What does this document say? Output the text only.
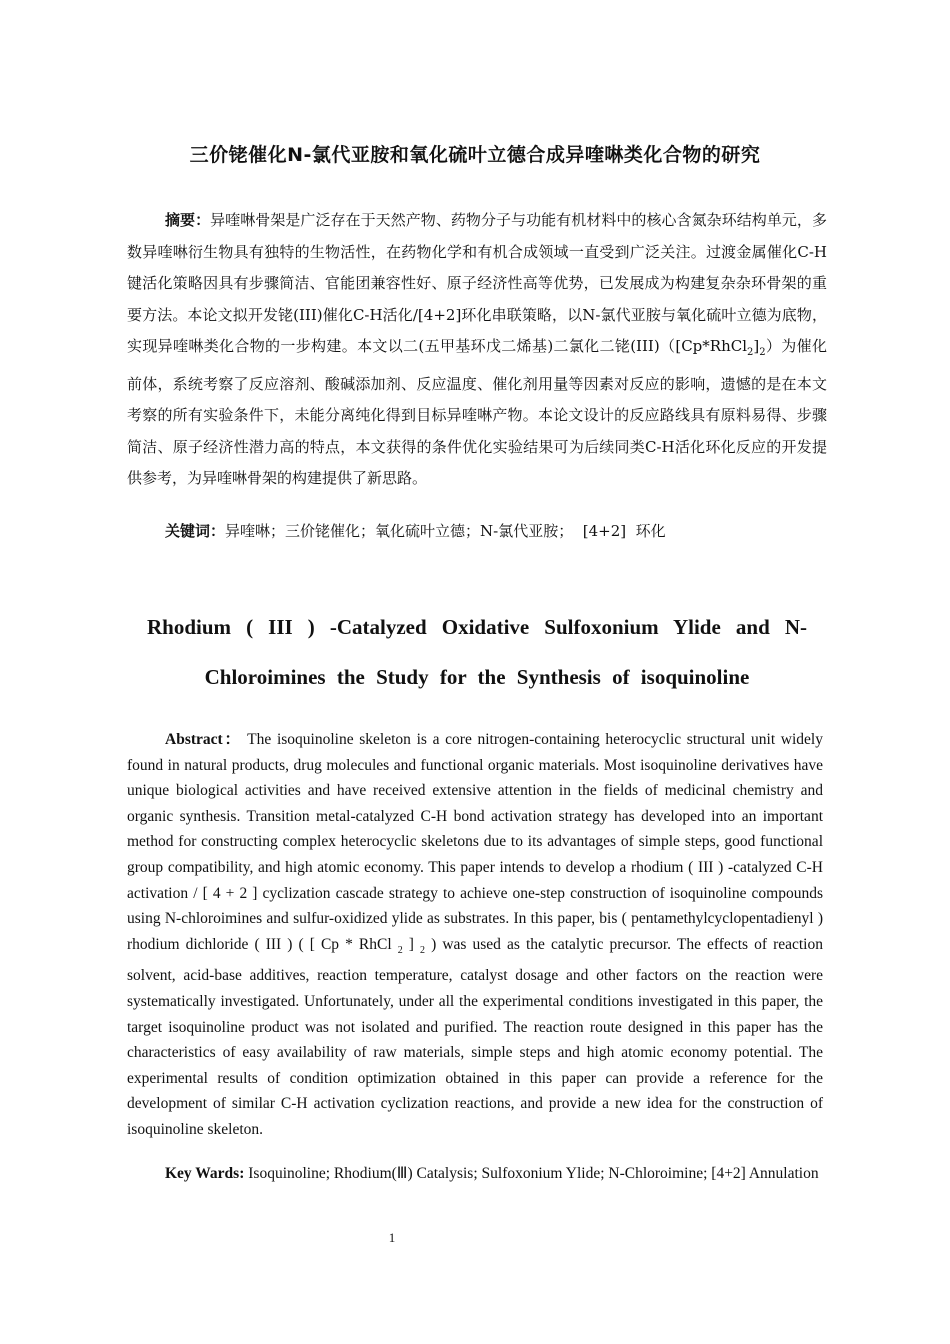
三价铑催化N-氯代亚胺和氧化硫叶立德合成异喹啉类化合物的研究
摘要：异喹啉骨架是广泛存在于天然产物、药物分子与功能有机材料中的核心含氮杂环结构单元，多数异喹啉衍生物具有独特的生物活性，在药物化学和有机合成领域一直受到广泛关注。过渡金属催化C-H键活化策略因具有步骤简洁、官能团兼容性好、原子经济性高等优势，已发展成为构建复杂杂环骨架的重要方法。本论文拟开发铑(III)催化C-H活化/[4+2]环化串联策略，以N-氯代亚胺与氧化硫叶立德为底物，实现异喹啉类化合物的一步构建。本文以二(五甲基环戊二烯基)二氯化二铑$(III)([Cp*RhCl_2]_2)$为催化前体，系统考察了反应溶剂、酸碱添加剂、反应温度、催化剂用量等因素对反应的影响，遗憾的是在本文考察的所有实验条件下，未能分离纯化得到目标异喹啉产物。本论文设计的反应路线具有原料易得、步骤简洁、原子经济性潜力高的特点，本文获得的条件优化实验结果可为后续同类C-H活化环化反应的开发提供参考，为异喹啉骨架的构建提供了新思路。
关键词：异喹啉；三价铑催化；氧化硫叶立德；N-氯代亚胺；  [4+2]  环化
Rhodium ( III ) -Catalyzed Oxidative Sulfoxonium Ylide and N-
Chloroimines the Study for the Synthesis of isoquinoline
Abstract： The isoquinoline skeleton is a core nitrogen-containing heterocyclic structural unit widely found in natural products, drug molecules and functional organic materials. Most isoquinoline derivatives have unique biological activities and have received extensive attention in the fields of medicinal chemistry and organic synthesis. Transition metal-catalyzed C-H bond activation strategy has developed into an important method for constructing complex heterocyclic skeletons due to its advantages of simple steps, good functional group compatibility, and high atomic economy. This paper intends to develop a rhodium ( III ) -catalyzed C-H activation / [ 4 + 2 ] cyclization cascade strategy to achieve one-step construction of isoquinoline compounds using N-chloroimines and sulfur-oxidized ylide as substrates. In this paper, bis ( pentamethylcyclopentadienyl ) rhodium dichloride ( III ) ( [ Cp * RhCl $_2$ ] $_2$ ) was used as the catalytic precursor. The effects of reaction solvent, acid-base additives, reaction temperature, catalyst dosage and other factors on the reaction were systematically investigated. Unfortunately, under all the experimental conditions investigated in this paper, the target isoquinoline product was not isolated and purified. The reaction route designed in this paper has the characteristics of easy availability of raw materials, simple steps and high atomic economy potential. The experimental results of condition optimization obtained in this paper can provide a reference for the development of similar C-H activation cyclization reactions, and provide a new idea for the construction of isoquinoline skeleton.
Key Wards: Isoquinoline; Rhodium(Ⅲ) Catalysis; Sulfoxonium Ylide; N-Chloroimine; [4+2] Annulation
1
